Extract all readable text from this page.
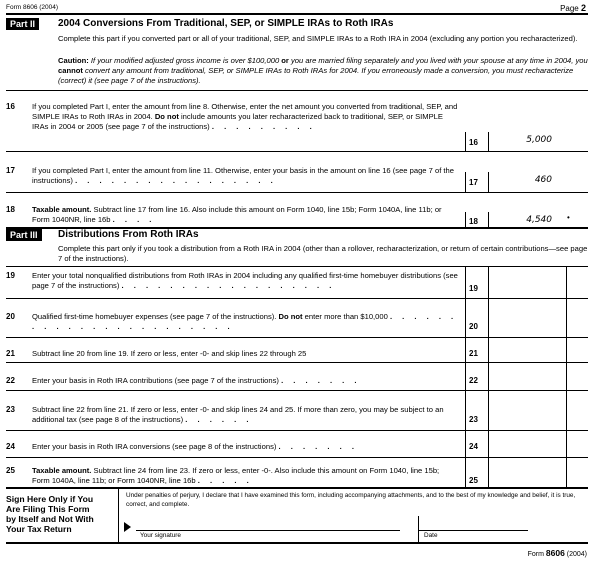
Form 8606 (2004)	Page 2
Part II	2004 Conversions From Traditional, SEP, or SIMPLE IRAs to Roth IRAs
Complete this part if you converted part or all of your traditional, SEP, and SIMPLE IRAs to a Roth IRA in 2004 (excluding any portion you recharacterized).
Caution: If your modified adjusted gross income is over $100,000 or you are married filing separately and you lived with your spouse at any time in 2004, you cannot convert any amount from traditional, SEP, or SIMPLE IRAs to Roth IRAs for 2004. If you erroneously made a conversion, you must recharacterize (correct) it (see page 7 of the instructions).
16 If you completed Part I, enter the amount from line 8. Otherwise, enter the net amount you converted from traditional, SEP, and SIMPLE IRAs to Roth IRAs in 2004. Do not include amounts you later recharacterized back to traditional, SEP, or SIMPLE IRAs in 2004 or 2005 (see page 7 of the instructions) . . . . . . . . .
16	5,000
17 If you completed Part I, enter the amount from line 11. Otherwise, enter your basis in the amount on line 16 (see page 7 of the instructions) . . . . . . . . . . . . . . . . .	17	460
18 Taxable amount. Subtract line 17 from line 16. Also include this amount on Form 1040, line 15b; Form 1040A, line 11b; or Form 1040NR, line 16b . . . .	18	4,540 •
Part III	Distributions From Roth IRAs
Complete this part only if you took a distribution from a Roth IRA in 2004 (other than a rollover, recharacterization, or return of certain contributions—see page 7 of the instructions).
19 Enter your total nonqualified distributions from Roth IRAs in 2004 including any qualified first-time homebuyer distributions (see page 7 of the instructions) . . . . . . . . . . . . . . . . . .	19
20 Qualified first-time homebuyer expenses (see page 7 of the instructions). Do not enter more than $10,000 . . . . . . . . . . . . . . . . . . . . . . .	20
21 Subtract line 20 from line 19. If zero or less, enter -0- and skip lines 22 through 25	21
22 Enter your basis in Roth IRA contributions (see page 7 of the instructions) . . . . . . .	22
23 Subtract line 22 from line 21. If zero or less, enter -0- and skip lines 24 and 25. If more than zero, you may be subject to an additional tax (see page 8 of the instructions) . . . . . .	23
24 Enter your basis in Roth IRA conversions (see page 8 of the instructions) . . . . . . .	24
25 Taxable amount. Subtract line 24 from line 23. If zero or less, enter -0-. Also include this amount on Form 1040, line 15b; Form 1040A, line 11b; or Form 1040NR, line 16b . . . . .	25
Sign Here Only if You
Are Filing This Form
by Itself and Not With
Your Tax Return
Under penalties of perjury, I declare that I have examined this form, including accompanying attachments, and to the best of my knowledge and belief, it is true, correct, and complete.
Your signature	Date
Form 8606 (2004)
